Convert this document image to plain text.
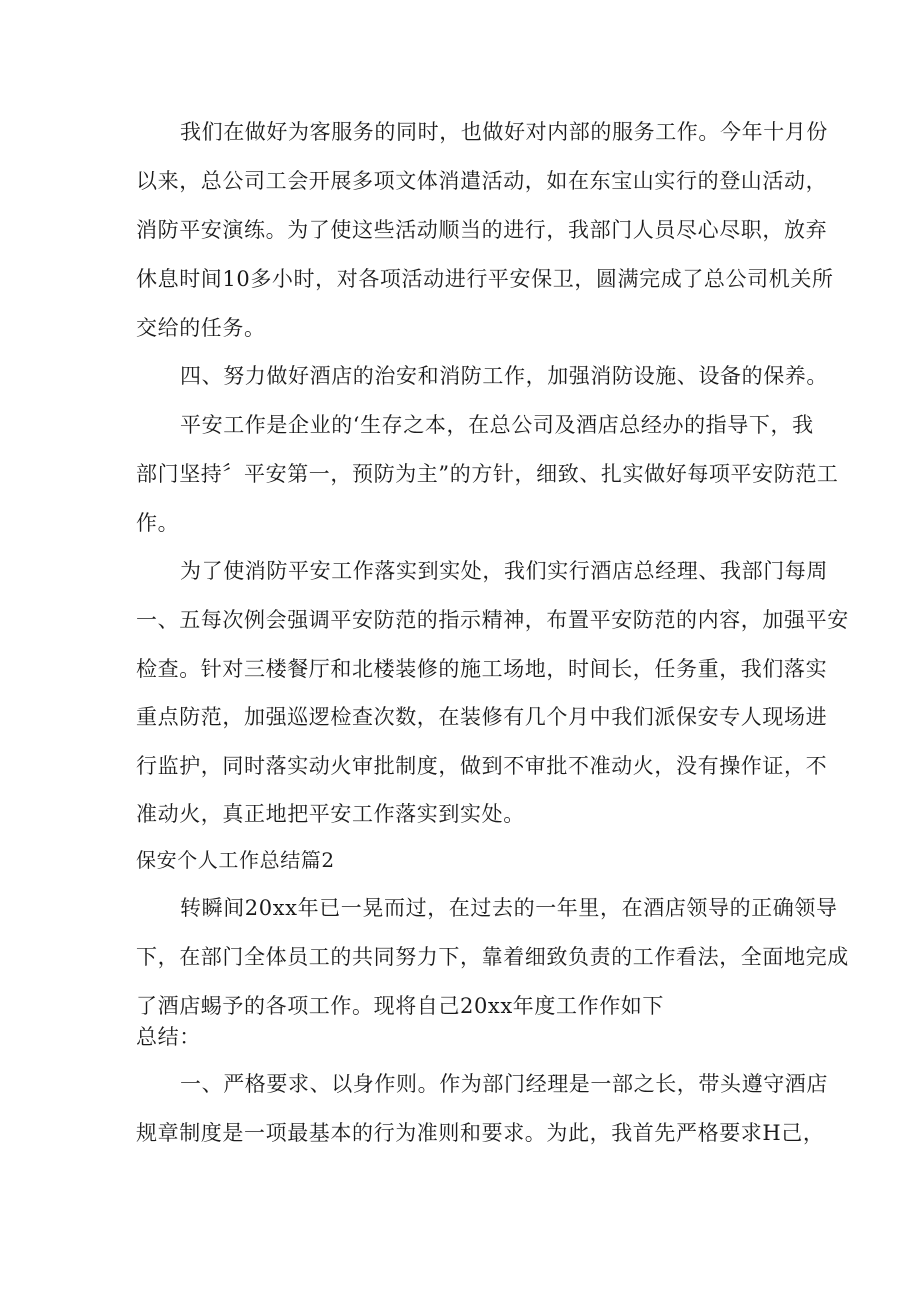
我们在做好为客服务的同时，也做好对内部的服务工作。今年十月份
以来，总公司工会开展多项文体消遣活动，如在东宝山实行的登山活动，
消防平安演练。为了使这些活动顺当的进行，我部门人员尽心尽职，放弃
休息时间10多小时，对各项活动进行平安保卫，圆满完成了总公司机关所
交给的任务。
四、努力做好酒店的治安和消防工作，加强消防设施、设备的保养。
平安工作是企业的‘生存之本，在总公司及酒店总经办的指导下，我
部门坚持〞平安第一，预防为主”的方针，细致、扎实做好每项平安防范工
作。
为了使消防平安工作落实到实处，我们实行酒店总经理、我部门每周
一、五每次例会强调平安防范的指示精神，布置平安防范的内容，加强平安
检查。针对三楼餐厅和北楼装修的施工场地，时间长，任务重，我们落实
重点防范，加强巡逻检查次数，在装修有几个月中我们派保安专人现场进
行监护，同时落实动火审批制度，做到不审批不准动火，没有操作证，不
准动火，真正地把平安工作落实到实处。
保安个人工作总结篇2
转瞬间20xx年已一晃而过，在过去的一年里，在酒店领导的正确领导
下，在部门全体员工的共同努力下，靠着细致负责的工作看法，全面地完成
了酒店蜴予的各项工作。现将自己20xx年度工作作如下
总结：
一、严格要求、以身作则。作为部门经理是一部之长，带头遵守酒店
规章制度是一项最基本的行为准则和要求。为此，我首先严格要求H己，
